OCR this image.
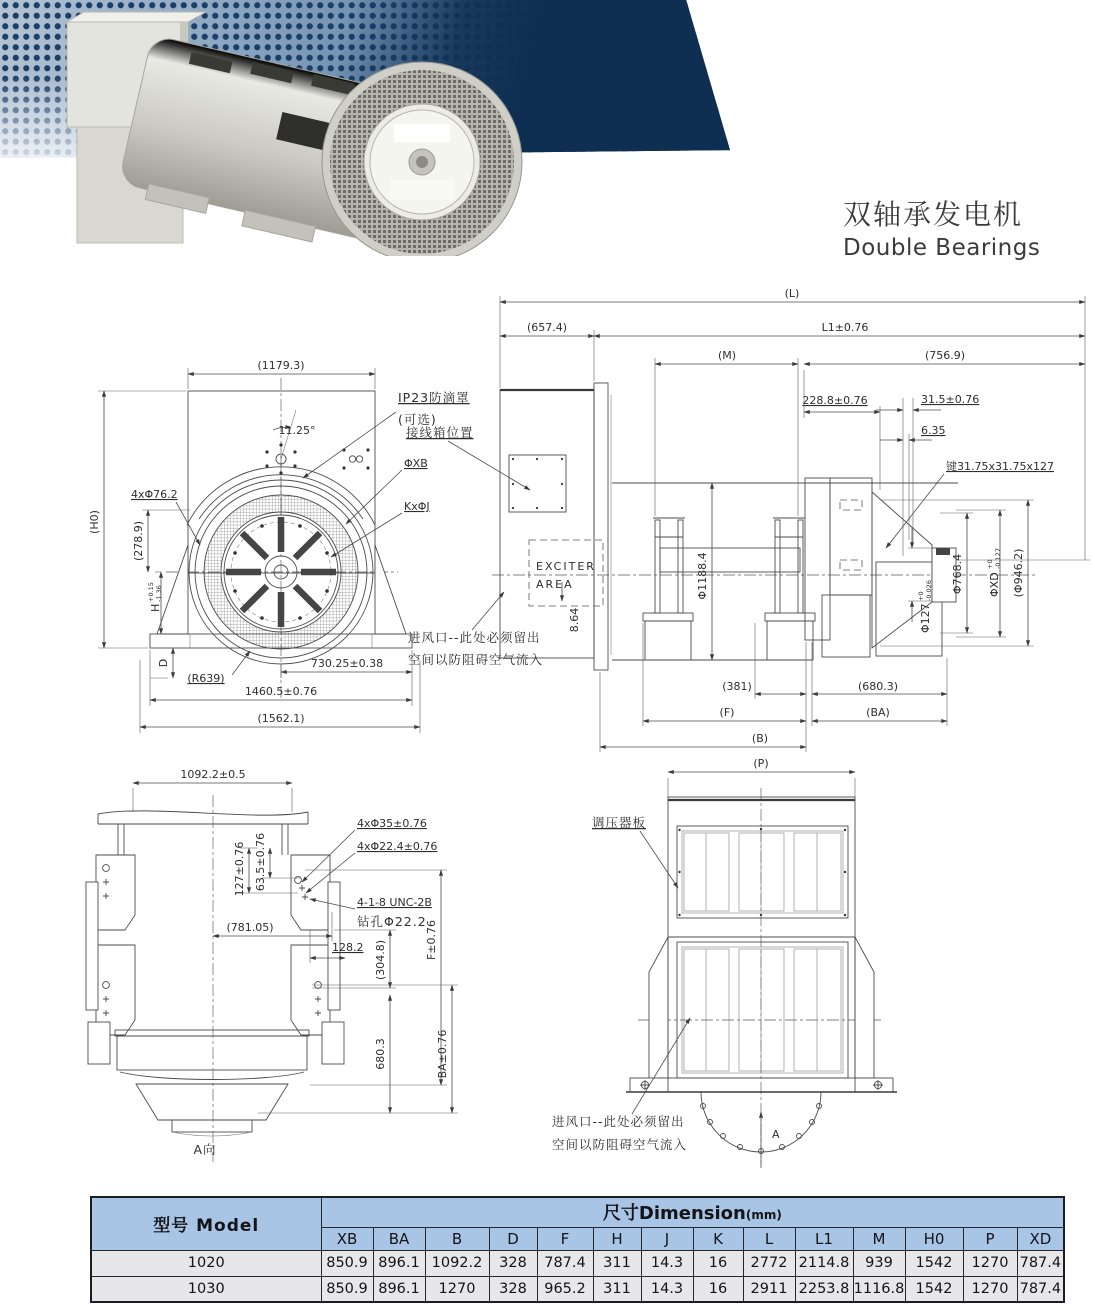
双轴承发电机
Double Bearings
11.25°
(1179.3)
IP23防滴罩
(可选)
ΦXB
KxΦJ
4xΦ76.2
(H0)	(278.9)
H
+0.15 -1.36
D
(R639)
730.25±0.38
1460.5±0.76
(1562.1)
EXCITER
AREA
(L)
(657.4)	L1±0.76
(M)	(756.9)
228.8±0.76	31.5±0.76
6.35
键31.75x31.75x127
接线箱位置
Φ1188.4
8.64
进风口--此处必须留出
空间以防阻碍空气流入
(381)	(680.3)
(F)	(BA)
(B)
Φ768.4 ΦXD
+0 -0.127 (Φ946.2)
Φ127
+0 -0.026
1092.2±0.5
127±0.76 63.5±0.76
4xΦ35±0.76
4xΦ22.4±0.76
4-1-8 UNC-2B
钻孔Φ22.2
(781.05)
128.2 (304.8)	F±0.76
680.3	BA±0.76
A向
(P)
调压器板
A
进风口--此处必须留出
空间以防阻碍空气流入
型号 Model	尺寸Dimension(mm)													
	XB	BA	B	D	F	H	J	K	L	L1	M	H0	P	XD
1020	850.9	896.1	1092.2	328	787.4	311	14.3	16	2772	2114.8	939	1542	1270	787.4
1030	850.9	896.1	1270	328	965.2	311	14.3	16	2911	2253.8	1116.8	1542	1270	787.4
